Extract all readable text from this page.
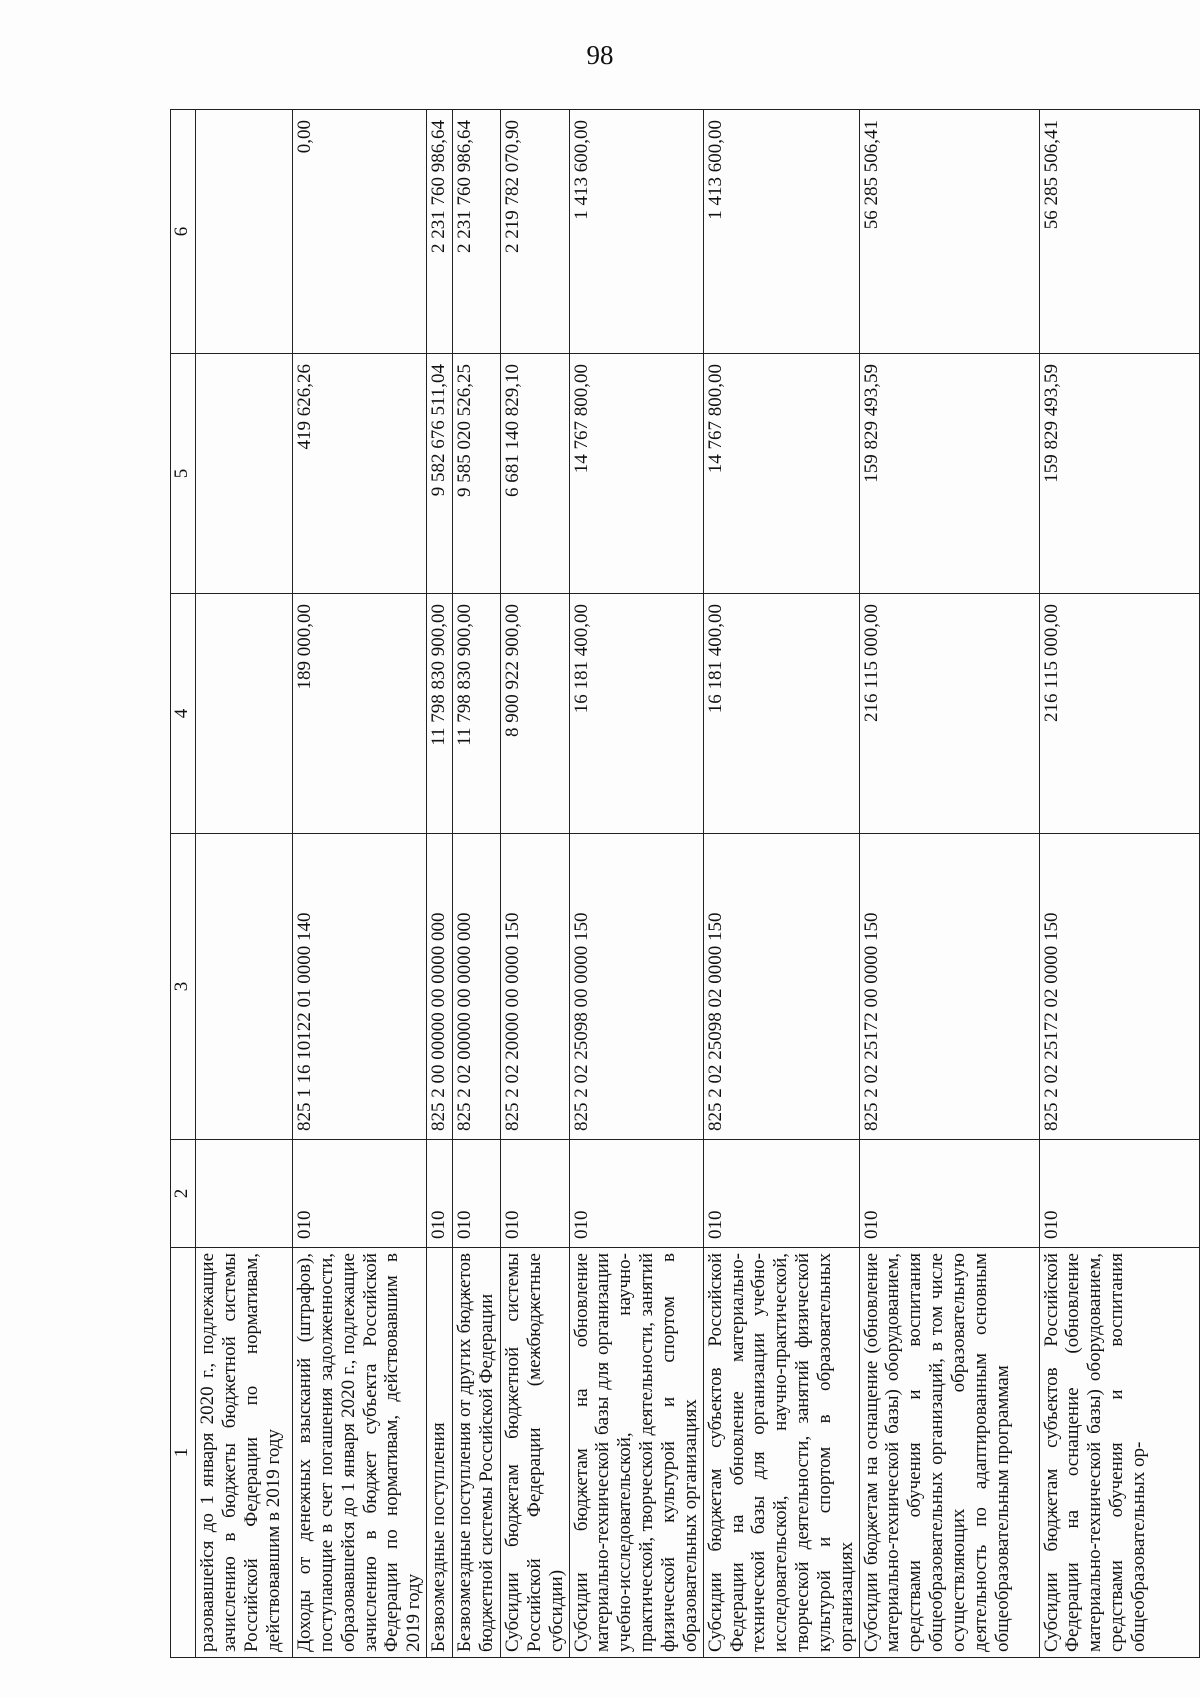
98
1	2	3	4	5	6
разовавшейся до 1 января 2020 г., подлежащие зачислению в бюджеты бюджетной системы Российской Федерации по нормативам, действовавшим в 2019 году					
Доходы от денежных взысканий (штрафов), поступающие в счет погашения задолженности, образовавшейся до 1 января 2020 г., подлежащие зачислению в бюджет субъекта Российской Федерации по нормативам, действовавшим в 2019 году	010	825 1 16 10122 01 0000 140	189 000,00	419 626,26	0,00
Безвозмездные поступления	010	825 2 00 00000 00 0000 000	11 798 830 900,00	9 582 676 511,04	2 231 760 986,64
Безвозмездные поступления от других бюджетов бюджетной системы Российской Федерации	010	825 2 02 00000 00 0000 000	11 798 830 900,00	9 585 020 526,25	2 231 760 986,64
Субсидии бюджетам бюджетной системы Российской Федерации (межбюджетные субсидии)	010	825 2 02 20000 00 0000 150	8 900 922 900,00	6 681 140 829,10	2 219 782 070,90
Субсидии бюджетам на обновление материально-технической базы для организации учебно-исследовательской, научно-практической, творческой деятельности, занятий физической культурой и спортом в образовательных организациях	010	825 2 02 25098 00 0000 150	16 181 400,00	14 767 800,00	1 413 600,00
Субсидии бюджетам субъектов Российской Федерации на обновление материально-технической базы для организации учебно-исследовательской, научно-практической, творческой деятельности, занятий физической культурой и спортом в образовательных организациях	010	825 2 02 25098 02 0000 150	16 181 400,00	14 767 800,00	1 413 600,00
Субсидии бюджетам на оснащение (обновление материально-технической базы) оборудованием, средствами обучения и воспитания общеобразовательных организаций, в том числе осуществляющих образовательную деятельность по адаптированным основным общеобразовательным программам	010	825 2 02 25172 00 0000 150	216 115 000,00	159 829 493,59	56 285 506,41
Субсидии бюджетам субъектов Российской Федерации на оснащение (обновление материально-технической базы) оборудованием, средствами обучения и воспитания общеобразовательных ор-	010	825 2 02 25172 02 0000 150	216 115 000,00	159 829 493,59	56 285 506,41
